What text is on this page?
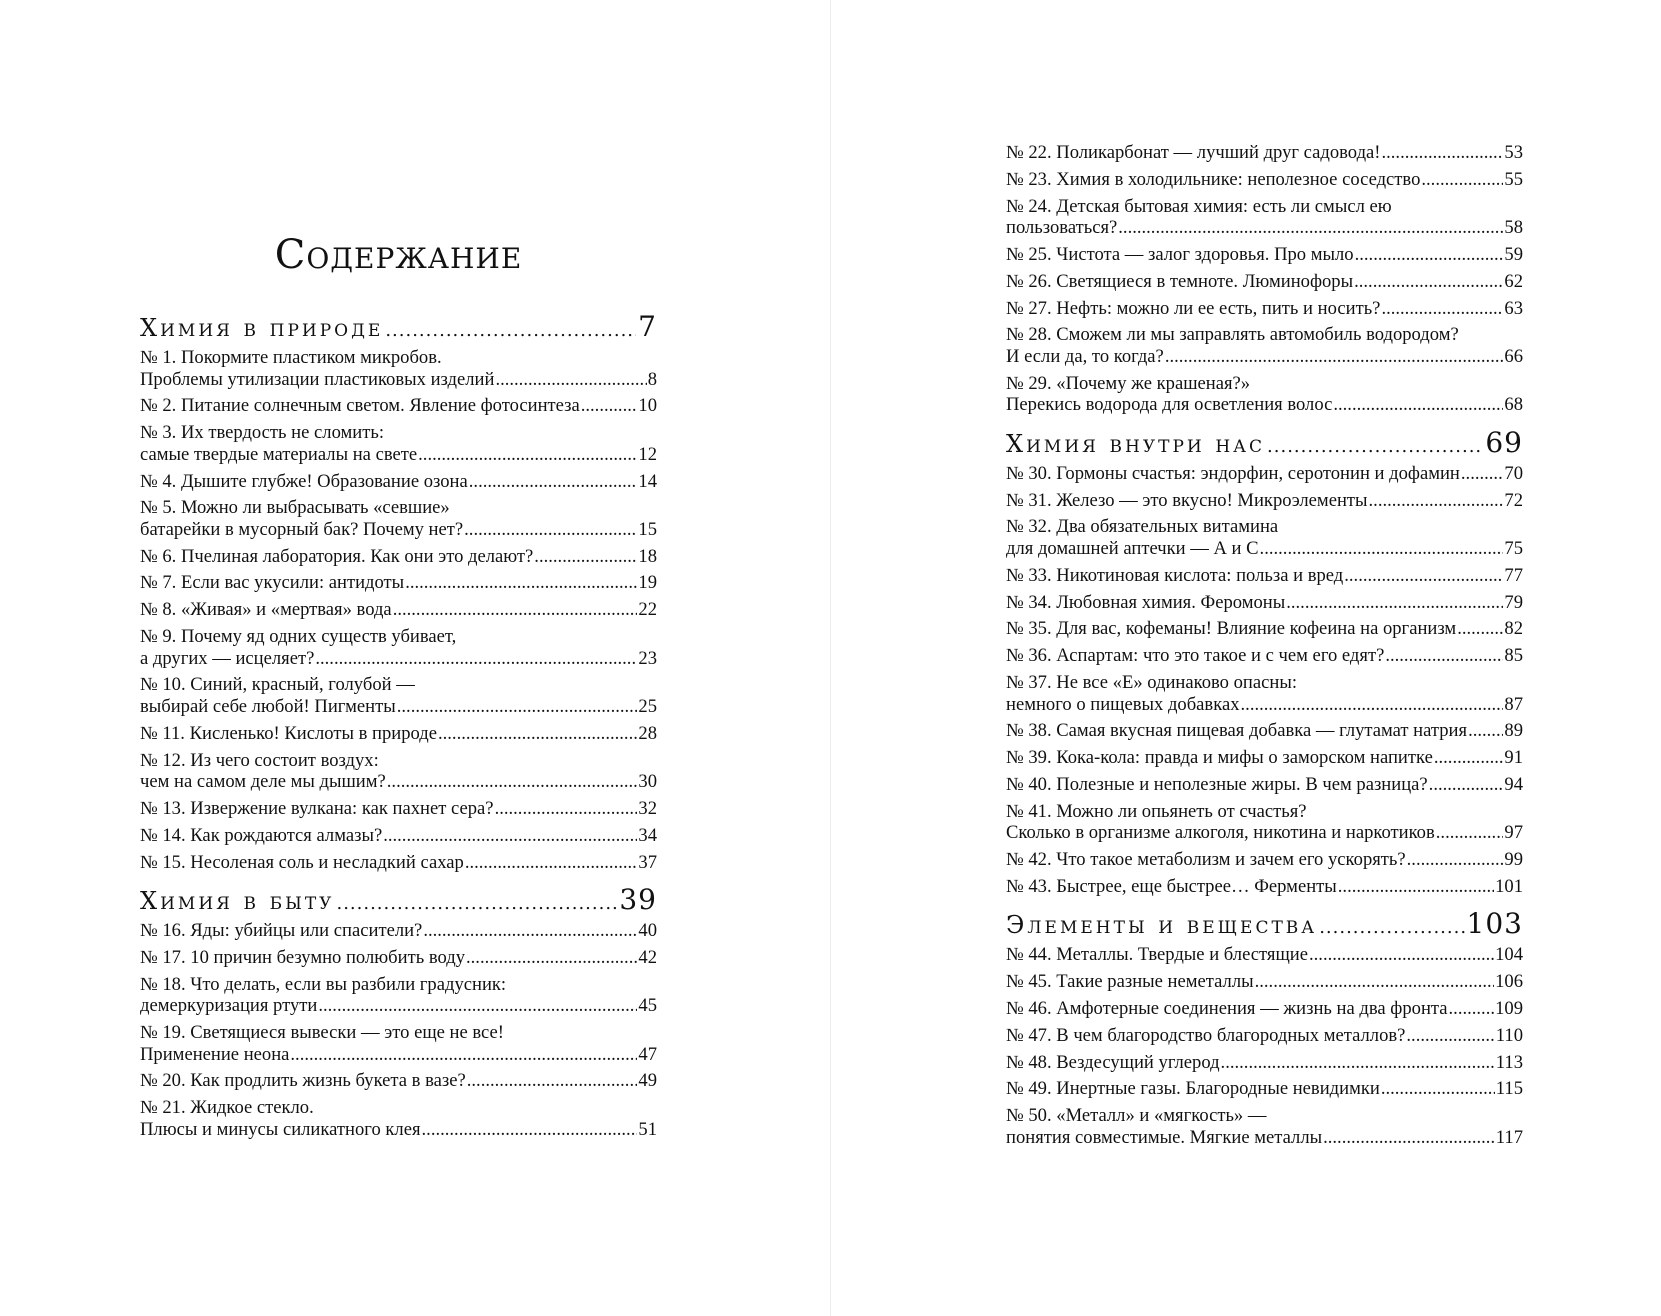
Содержание
Химия в природе .....	7
№ 1. Покормите пластиком микробов.
Проблемы утилизации пластиковых изделий .....	8
№ 2. Питание солнечным светом. Явление фотосинтеза .....	10
№ 3. Их твердость не сломить:
самые твердые материалы на свете .....	12
№ 4. Дышите глубже! Образование озона .....	14
№ 5. Можно ли выбрасывать «севшие»
батарейки в мусорный бак? Почему нет? .....	15
№ 6. Пчелиная лаборатория. Как они это делают? .....	18
№ 7. Если вас укусили: антидоты .....	19
№ 8. «Живая» и «мертвая» вода .....	22
№ 9. Почему яд одних существ убивает,
а других — исцеляет? .....	23
№ 10. Синий, красный, голубой —
выбирай себе любой! Пигменты .....	25
№ 11. Кисленько! Кислоты в природе .....	28
№ 12. Из чего состоит воздух:
чем на самом деле мы дышим? .....	30
№ 13. Извержение вулкана: как пахнет сера? .....	32
№ 14. Как рождаются алмазы? .....	34
№ 15. Несоленая соль и несладкий сахар .....	37
Химия в быту .....	39
№ 16. Яды: убийцы или спасители? .....	40
№ 17. 10 причин безумно полюбить воду .....	42
№ 18. Что делать, если вы разбили градусник:
демеркуризация ртути .....	45
№ 19. Светящиеся вывески — это еще не все!
Применение неона .....	47
№ 20. Как продлить жизнь букета в вазе? .....	49
№ 21. Жидкое стекло.
Плюсы и минусы силикатного клея .....	51
№ 22. Поликарбонат — лучший друг садовода! .....	53
№ 23. Химия в холодильнике: неполезное соседство .....	55
№ 24. Детская бытовая химия: есть ли смысл ею
пользоваться? .....	58
№ 25. Чистота — залог здоровья. Про мыло .....	59
№ 26. Светящиеся в темноте. Люминофоры .....	62
№ 27. Нефть: можно ли ее есть, пить и носить? .....	63
№ 28. Сможем ли мы заправлять автомобиль водородом?
И если да, то когда? .....	66
№ 29. «Почему же крашеная?»
Перекись водорода для осветления волос .....	68
Химия внутри нас .....	69
№ 30. Гормоны счастья: эндорфин, серотонин и дофамин ..... 70
№ 31. Железо — это вкусно! Микроэлементы .....	72
№ 32. Два обязательных витамина
для домашней аптечки — А и С .....	75
№ 33. Никотиновая кислота: польза и вред .....	77
№ 34. Любовная химия. Феромоны .....	79
№ 35. Для вас, кофеманы! Влияние кофеина на организм .....	82
№ 36. Аспартам: что это такое и с чем его едят? .....	85
№ 37. Не все «Е» одинаково опасны:
немного о пищевых добавках .....	87
№ 38. Самая вкусная пищевая добавка — глутамат натрия ..... 89
№ 39. Кока-кола: правда и мифы о заморском напитке .....	91
№ 40. Полезные и неполезные жиры. В чем разница? .....	94
№ 41. Можно ли опьянеть от счастья?
Сколько в организме алкоголя, никотина и наркотиков .....	97
№ 42. Что такое метаболизм и зачем его ускорять? .....	99
№ 43. Быстрее, еще быстрее… Ферменты .....	101
Элементы и вещества .....	103
№ 44. Металлы. Твердые и блестящие .....	104
№ 45. Такие разные неметаллы .....	106
№ 46. Амфотерные соединения — жизнь на два фронта .....	109
№ 47. В чем благородство благородных металлов? .....	110
№ 48. Вездесущий углерод .....	113
№ 49. Инертные газы. Благородные невидимки .....	115
№ 50. «Металл» и «мягкость» —
понятия совместимые. Мягкие металлы .....	117
